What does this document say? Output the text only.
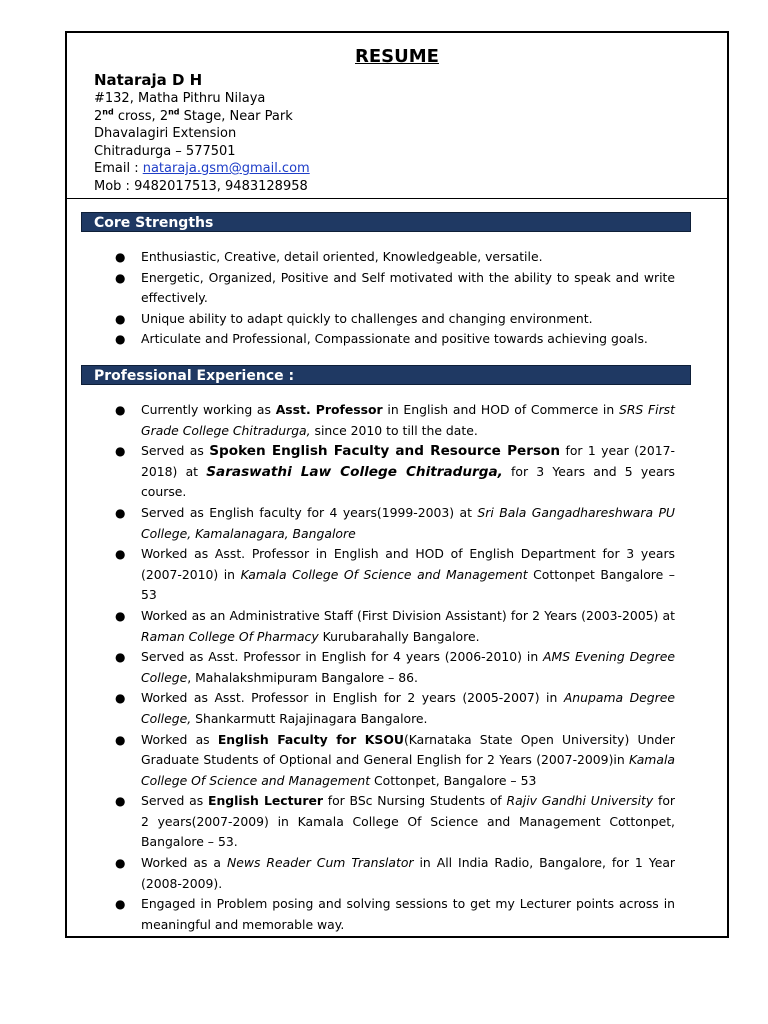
RESUME
Nataraja D H
#132, Matha Pithru Nilaya
2nd cross, 2nd Stage, Near Park
Dhavalagiri Extension
Chitradurga – 577501
Email : nataraja.gsm@gmail.com
Mob : 9482017513, 9483128958
Core Strengths
● Enthusiastic, Creative, detail oriented, Knowledgeable, versatile.
● Energetic, Organized, Positive and Self motivated with the ability to speak and write effectively.
● Unique ability to adapt quickly to challenges and changing environment.
● Articulate and Professional, Compassionate and positive towards achieving goals.
Professional Experience :
● Currently working as Asst. Professor in English and HOD of Commerce in SRS First Grade College Chitradurga, since 2010 to till the date.
● Served as Spoken English Faculty and Resource Person for 1 year (2017-2018) at Saraswathi Law College Chitradurga, for 3 Years and 5 years course.
● Served as English faculty for 4 years(1999-2003) at Sri Bala Gangadhareshwara PU College, Kamalanagara, Bangalore
● Worked as Asst. Professor in English and HOD of English Department for 3 years (2007-2010) in Kamala College Of Science and Management Cottonpet Bangalore – 53
● Worked as an Administrative Staff (First Division Assistant) for 2 Years (2003-2005) at Raman College Of Pharmacy Kurubarahally Bangalore.
● Served as Asst. Professor in English for 4 years (2006-2010) in AMS Evening Degree College, Mahalakshmipuram Bangalore – 86.
● Worked as Asst. Professor in English for 2 years (2005-2007) in Anupama Degree College, Shankarmutt Rajajinagara Bangalore.
● Worked as English Faculty for KSOU(Karnataka State Open University) Under Graduate Students of Optional and General English for 2 Years (2007-2009)in Kamala College Of Science and Management Cottonpet, Bangalore – 53
● Served as English Lecturer for BSc Nursing Students of Rajiv Gandhi University for 2 years(2007-2009) in Kamala College Of Science and Management Cottonpet, Bangalore – 53.
● Worked as a News Reader Cum Translator in All India Radio, Bangalore, for 1 Year (2008-2009).
● Engaged in Problem posing and solving sessions to get my Lecturer points across in meaningful and memorable way.
